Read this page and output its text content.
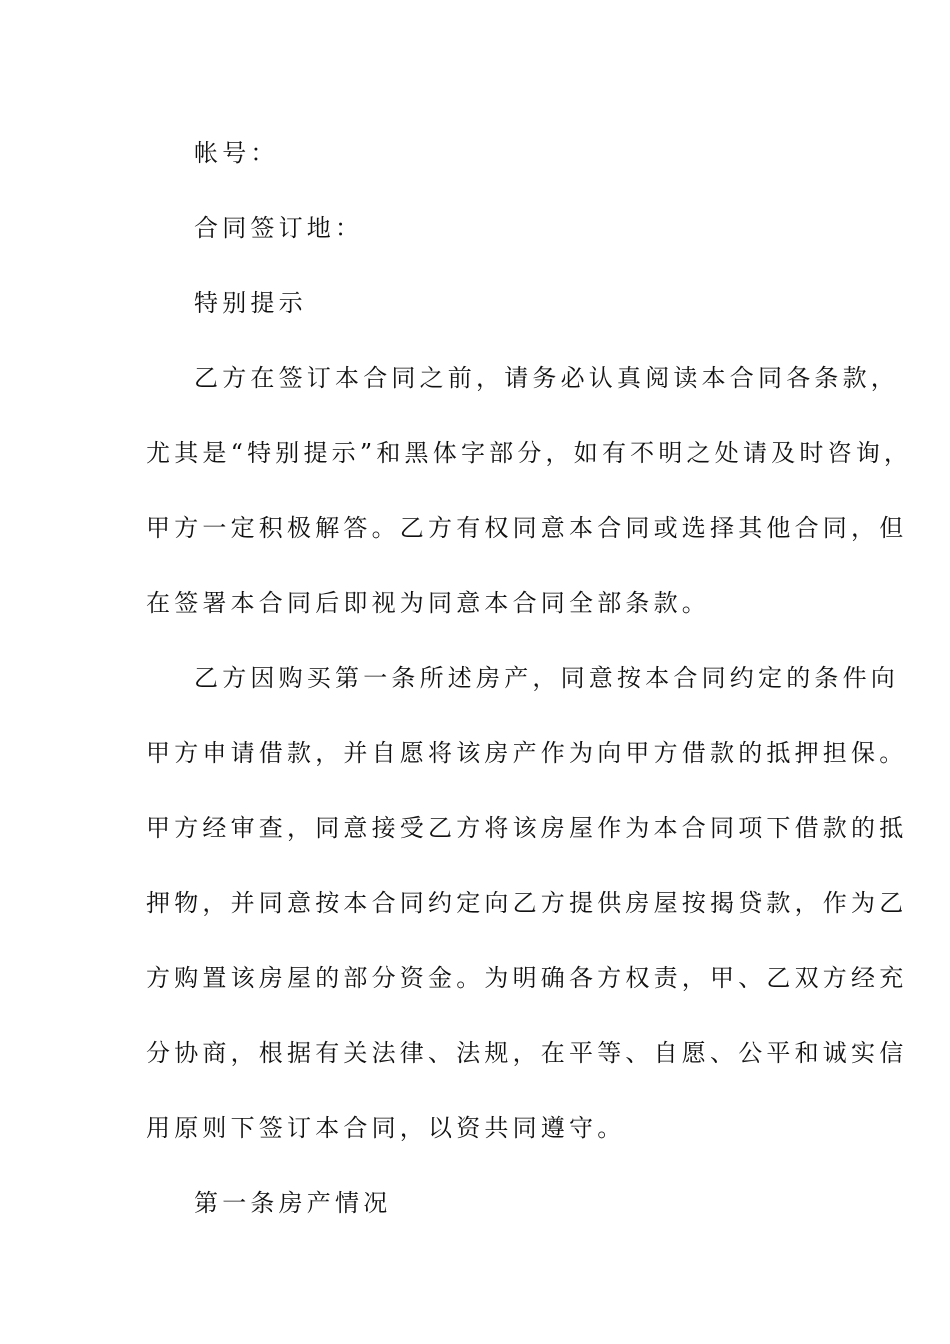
帐号：
合同签订地：
特别提示
乙方在签订本合同之前，请务必认真阅读本合同各条款，
尤其是“特别提示”和黑体字部分，如有不明之处请及时咨询，
甲方一定积极解答。乙方有权同意本合同或选择其他合同，但
在签署本合同后即视为同意本合同全部条款。
乙方因购买第一条所述房产，同意按本合同约定的条件向
甲方申请借款，并自愿将该房产作为向甲方借款的抵押担保。
甲方经审查，同意接受乙方将该房屋作为本合同项下借款的抵
押物，并同意按本合同约定向乙方提供房屋按揭贷款，作为乙
方购置该房屋的部分资金。为明确各方权责，甲、乙双方经充
分协商，根据有关法律、法规，在平等、自愿、公平和诚实信
用原则下签订本合同，以资共同遵守。
第一条房产情况
